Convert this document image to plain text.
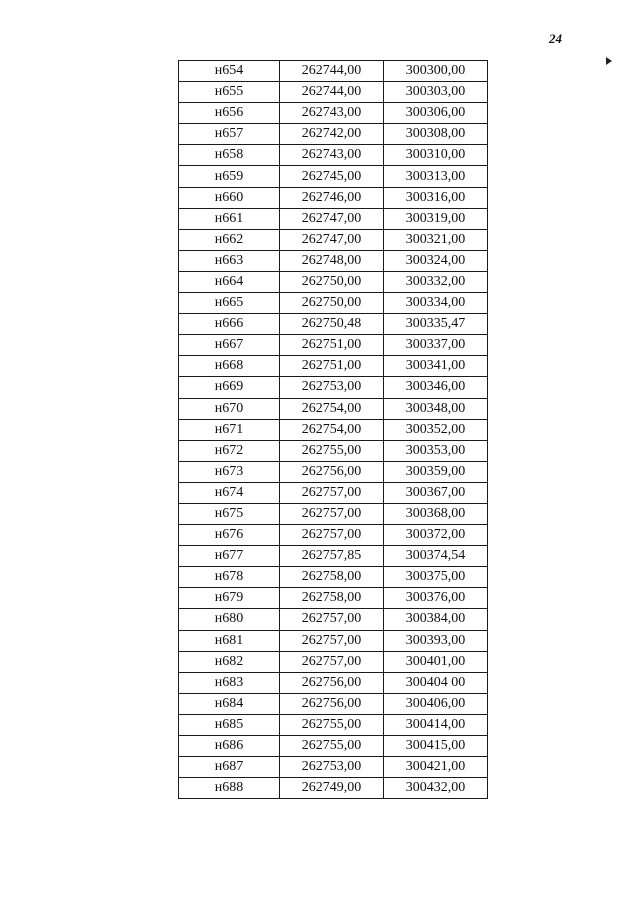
24
н654	262744,00	300300,00
н655	262744,00	300303,00
н656	262743,00	300306,00
н657	262742,00	300308,00
н658	262743,00	300310,00
н659	262745,00	300313,00
н660	262746,00	300316,00
н661	262747,00	300319,00
н662	262747,00	300321,00
н663	262748,00	300324,00
н664	262750,00	300332,00
н665	262750,00	300334,00
н666	262750,48	300335,47
н667	262751,00	300337,00
н668	262751,00	300341,00
н669	262753,00	300346,00
н670	262754,00	300348,00
н671	262754,00	300352,00
н672	262755,00	300353,00
н673	262756,00	300359,00
н674	262757,00	300367,00
н675	262757,00	300368,00
н676	262757,00	300372,00
н677	262757,85	300374,54
н678	262758,00	300375,00
н679	262758,00	300376,00
н680	262757,00	300384,00
н681	262757,00	300393,00
н682	262757,00	300401,00
н683	262756,00	300404 00
н684	262756,00	300406,00
н685	262755,00	300414,00
н686	262755,00	300415,00
н687	262753,00	300421,00
н688	262749,00	300432,00
